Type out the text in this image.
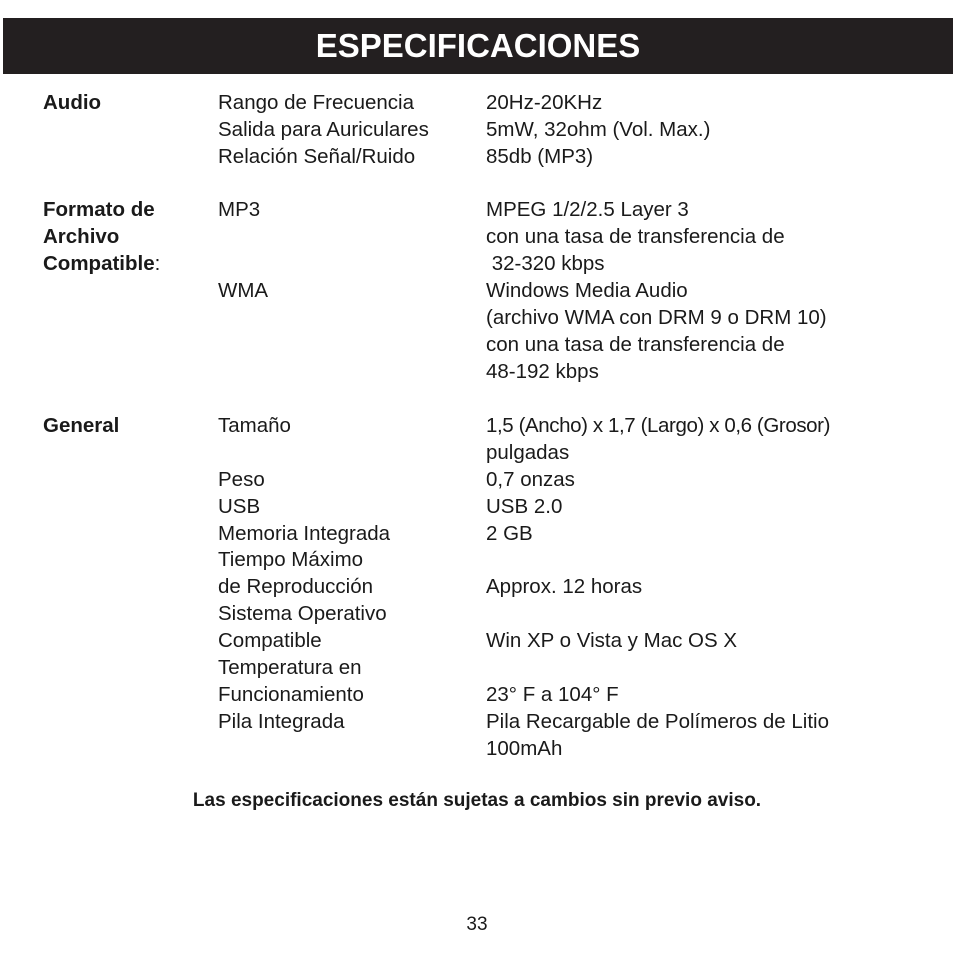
ESPECIFICACIONES
Audio	Rango de Frecuencia	20Hz-20KHz
Salida para Auriculares	5mW, 32ohm (Vol. Max.)
Relación Señal/Ruido	85db (MP3)
Formato de
Archivo
Compatible:
MP3	MPEG 1/2/2.5 Layer 3
con una tasa de transferencia de
32-320 kbps
WMA	Windows Media Audio
(archivo WMA con DRM 9 o DRM 10)
con una tasa de transferencia de
48-192 kbps
General	Tamaño	1,5 (Ancho) x 1,7 (Largo) x 0,6 (Grosor)
pulgadas
Peso	0,7 onzas
USB	USB 2.0
Memoria Integrada	2 GB
Tiempo Máximo
de Reproducción	Approx. 12 horas
Sistema Operativo
Compatible	Win XP o Vista y Mac OS X
Temperatura en
Funcionamiento	23° F a 104° F
Pila Integrada	Pila Recargable de Polímeros de Litio
100mAh
Las especificaciones están sujetas a cambios sin previo aviso.
33
